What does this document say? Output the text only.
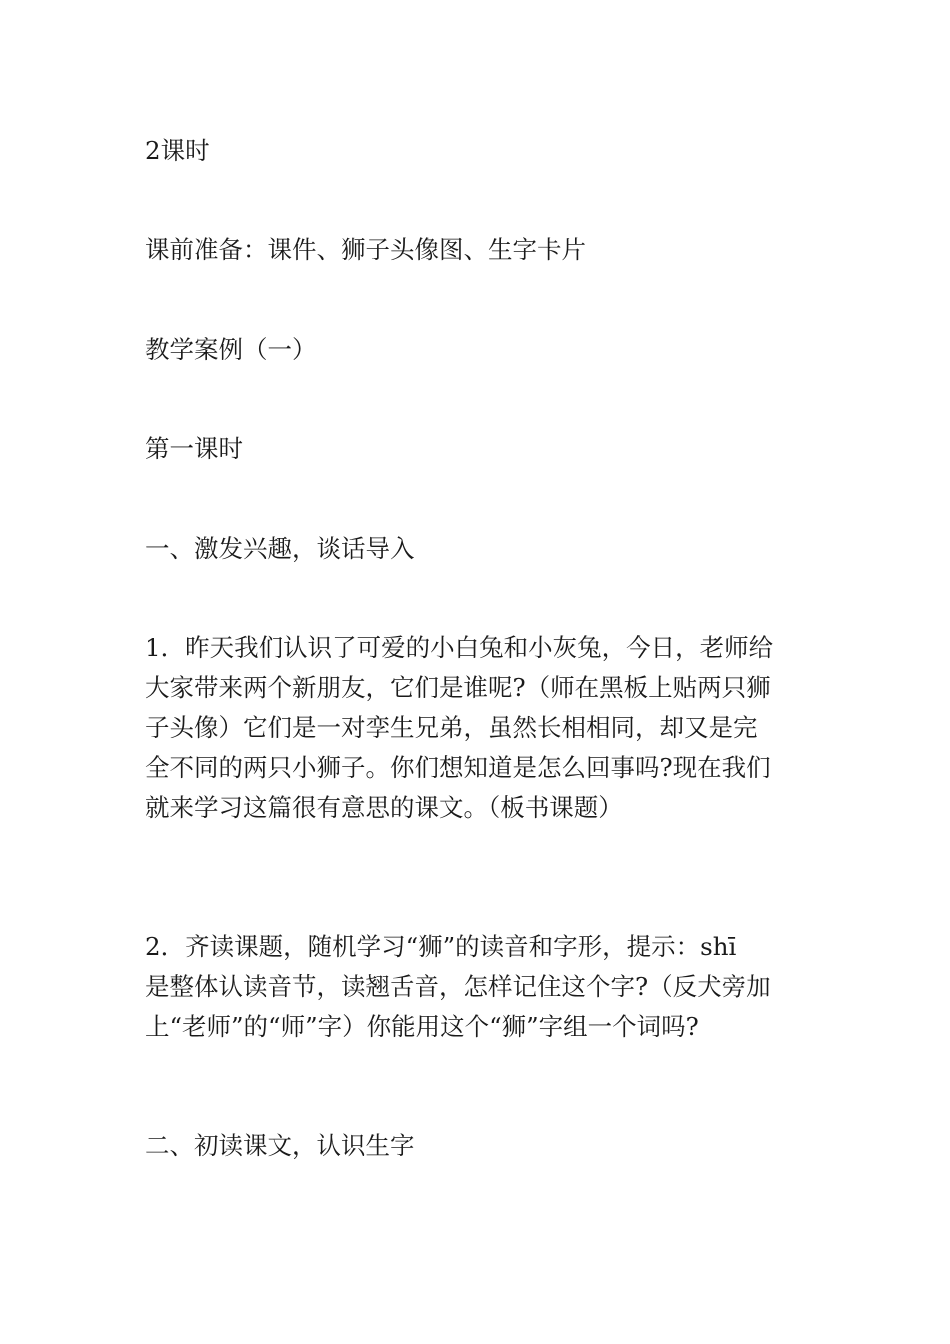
2课时

课前准备：课件、狮子头像图、生字卡片

教学案例（一）

第一课时

一、激发兴趣，谈话导入

1．昨天我们认识了可爱的小白兔和小灰兔，今日，老师给
大家带来两个新朋友，它们是谁呢?（师在黑板上贴两只狮
子头像）它们是一对孪生兄弟，虽然长相相同，却又是完
全不同的两只小狮子。你们想知道是怎么回事吗?现在我们
就来学习这篇很有意思的课文。（板书课题）
2．齐读课题，随机学习“狮”的读音和字形，提示：shī
是整体认读音节，读翘舌音，怎样记住这个字?（反犬旁加
上“老师”的“师”字）你能用这个“狮”字组一个词吗?

二、初读课文，认识生字
